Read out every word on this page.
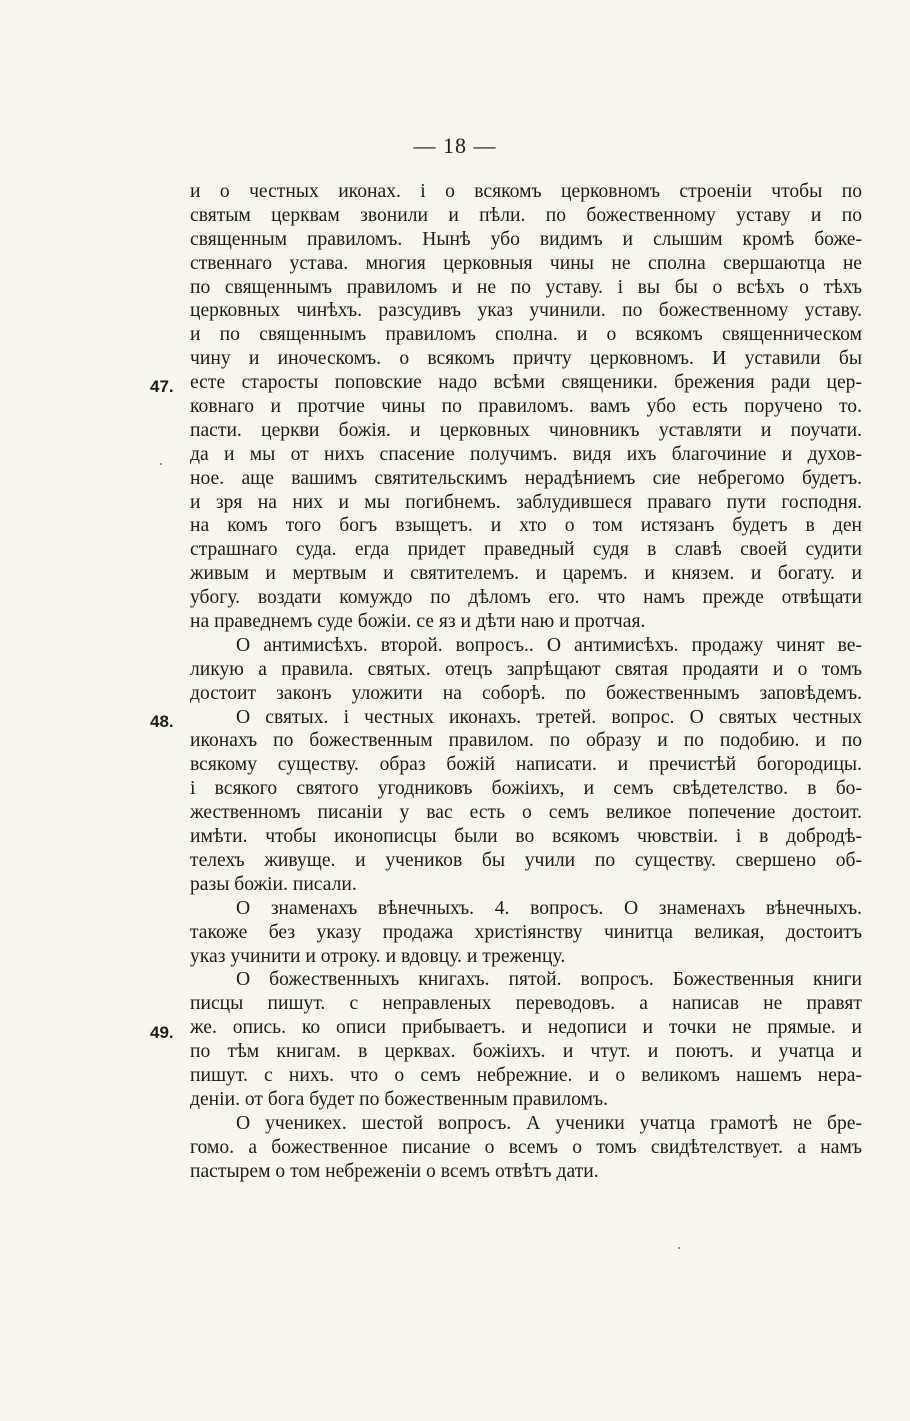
— 18 —
47.
48.
49.
и о честных иконах. і о всякомъ церковномъ строеніи чтобы по
святым церквам звонили и пѣли. по божественному уставу и по
священным правиломъ. Нынѣ убо видимъ и слышим кромѣ боже-
ственнаго устава. многия церковныя чины не сполна свершаютца не
по священнымъ правиломъ и не по уставу. і вы бы о всѣхъ о тѣхъ
церковных чинѣхъ. разсудивъ указ учинили. по божественному уставу.
и по священнымъ правиломъ сполна. и о всякомъ священническом
чину и иноческомъ. о всякомъ причту церковномъ. И уставили бы
есте старосты поповские надо всѣми священики. брежения ради цер-
ковнаго и протчие чины по правиломъ. вамъ убо есть поручено то.
пасти. церкви божія. и церковных чиновникъ уставляти и поучати.
да и мы от нихъ спасение получимъ. видя ихъ благочиние и духов-
ное. аще вашимъ святительскимъ нерадѣниемъ сие небрегомо будетъ.
и зря на них и мы погибнемъ. заблудившеся праваго пути господня.
на комъ того богъ взыщетъ. и хто о том истязанъ будетъ в ден
страшнаго суда. егда придет праведный судя в славѣ своей судити
живым и мертвым и святителемъ. и царемъ. и князем. и богату. и
убогу. воздати комуждо по дѣломъ его. что намъ прежде отвѣщати
на праведнемъ суде божіи. се яз и дѣти наю и протчая.
О антимисѣхъ. второй. вопросъ.. О антимисѣхъ. продажу чинят ве-
ликую а правила. святых. отецъ запрѣщают святая продаяти и о томъ
достоит законъ уложити на соборѣ. по божественнымъ заповѣдемъ.
О святых. і честных иконахъ. третей. вопрос. О святых честных
иконахъ по божественным правилом. по образу и по подобию. и по
всякому существу. образ божій написати. и пречистѣй богородицы.
і всякого святого угодниковъ божіихъ, и семъ свѣдетелство. в бо-
жественномъ писаніи у вас есть о семъ великое попечение достоит.
имѣти. чтобы иконописцы были во всякомъ чювствіи. і в добродѣ-
телехъ живуще. и учеников бы учили по существу. свершено об-
разы божіи. писали.
О знаменахъ вѣнечныхъ. 4. вопросъ. О знаменахъ вѣнечныхъ.
такоже без указу продажа христіянству чинитца великая, достоитъ
указ учинити и отроку. и вдовцу. и треженцу.
О божественныхъ книгахъ. пятой. вопросъ. Божественныя книги
писцы пишут. с неправленых переводовъ. а написав не правят
же. опись. ко описи прибываетъ. и недописи и точки не прямые. и
по тѣм книгам. в церквах. божіихъ. и чтут. и поютъ. и учатца и
пишут. с нихъ. что о семъ небрежние. и о великомъ нашемъ нера-
деніи. от бога будет по божественным правиломъ.
О ученикех. шестой вопросъ. А ученики учатца грамотѣ не бре-
гомо. а божественное писание о всемъ о томъ свидѣтелствует. а намъ
пастырем о том небреженіи о всемъ отвѣтъ дати.
